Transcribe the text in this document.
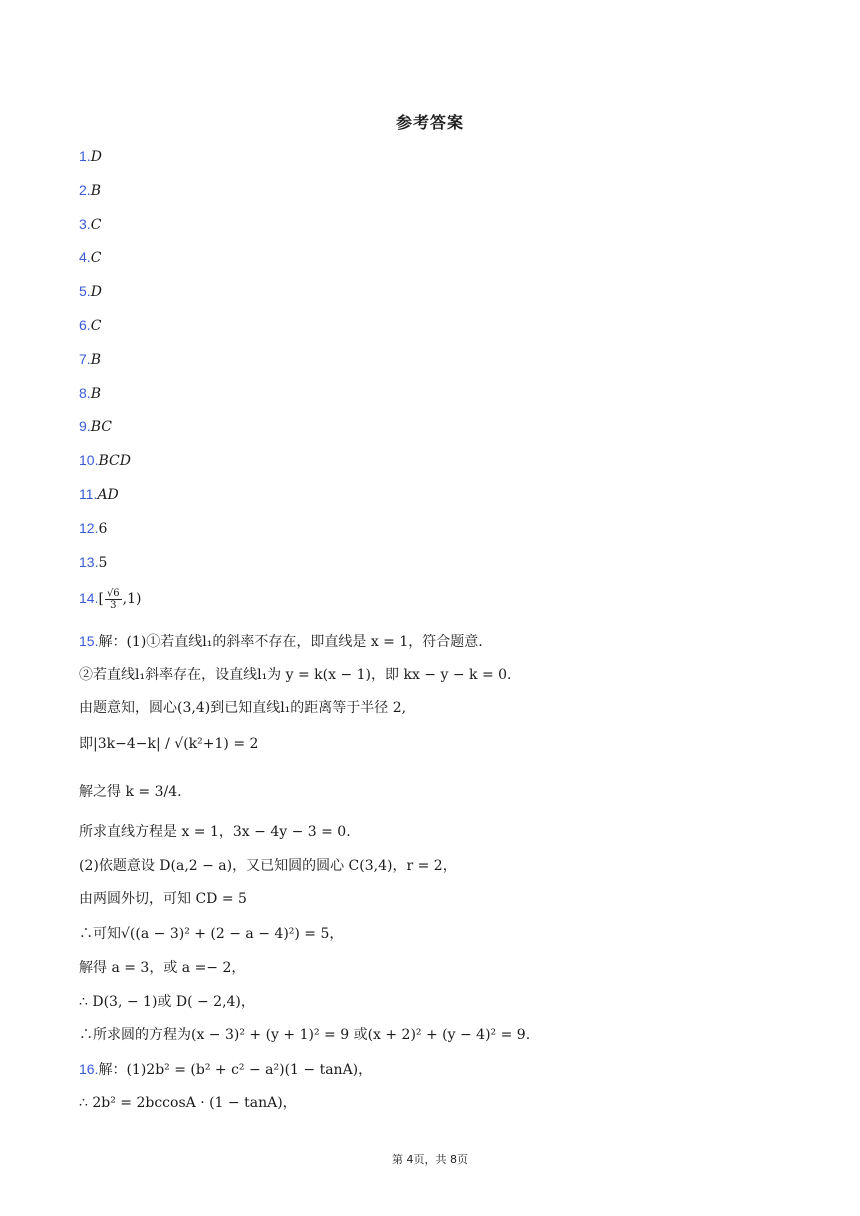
参考答案
1.D
2.B
3.C
4.C
5.D
6.C
7.B
8.B
9.BC
10.BCD
11.AD
12.6
13.5
$14.[ \frac{√6}{3} ,1)$
15.解：(1)①若直线l₁的斜率不存在，即直线是 x = 1，符合题意.
②若直线l₁斜率存在，设直线l₁为 y = k(x − 1)，即 kx − y − k = 0.
由题意知，圆心(3,4)到已知直线l₁的距离等于半径 2,
即|3k−4−k| / √(k²+1) = 2
解之得 k = 3/4.
所求直线方程是 x = 1，3x − 4y − 3 = 0.
(2)依题意设 D(a,2 − a)，又已知圆的圆心 C(3,4)，r = 2，
由两圆外切，可知 CD = 5
∴可知√((a − 3)² + (2 − a − 4)²) = 5，
解得 a = 3，或 a =− 2，
∴ D(3, − 1)或 D( − 2,4)，
∴所求圆的方程为(x − 3)² + (y + 1)² = 9 或(x + 2)² + (y − 4)² = 9.
16.解：(1)2b² = (b² + c² − a²)(1 − tanA)，
∴ 2b² = 2bccosA · (1 − tanA)，
第 4页，共 8页
